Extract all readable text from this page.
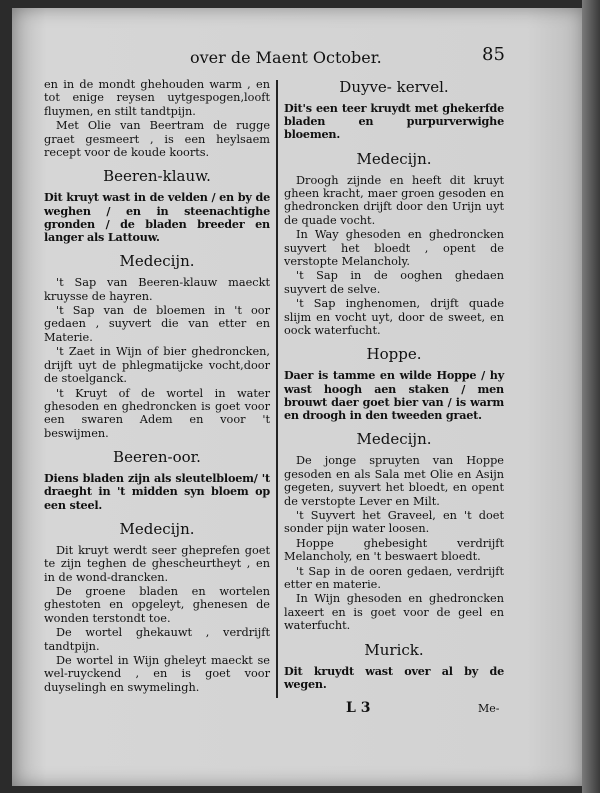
over de Maent October.	85

en in de mondt ghehouden warm , en tot enige reysen uytgespogen,looft fluymen, en stilt tandtpijn.

Met Olie van Beertram de rugge graet gesmeert , is een heylsaem recept voor de koude koorts.

Beeren-klauw.

Dit kruyt wast in de velden / en by de weghen / en in steenachtighe gronden / de bladen breeder en langer als Lattouw.

Medecijn.

't Sap van Beeren-klauw maeckt kruysse de hayren.

't Sap van de bloemen in 't oor gedaen , suyvert die van etter en Materie.

't Zaet in Wijn of bier ghedroncken, drijft uyt de phlegmatijcke vocht,door de stoelganck.

't Kruyt of de wortel in water ghesoden en ghedroncken is goet voor een swaren Adem en voor 't beswijmen.

Beeren-oor.

Diens bladen zijn als sleutelbloem/ 't draeght in 't midden syn bloem op een steel.

Medecijn.

Dit kruyt werdt seer gheprefen goet te zijn teghen de ghescheurtheyt , en in de wond-drancken.

De groene bladen en wortelen ghestoten en opgeleyt, ghenesen de wonden terstondt toe.

De wortel ghekauwt , verdrijft tandtpijn.

De wortel in Wijn gheleyt maeckt se wel-ruyckend , en is goet voor duyselingh en swymelingh.

Duyve- kervel.

Dit's een teer kruydt met ghekerfde bladen en purpurverwighe bloemen.

Medecijn.

Droogh zijnde en heeft dit kruyt gheen kracht, maer groen gesoden en ghedroncken drijft door den Urijn uyt de quade vocht.

In Way ghesoden en ghedroncken suyvert het bloedt , opent de verstopte Melancholy.

't Sap in de ooghen ghedaen suyvert de selve.

't Sap inghenomen, drijft quade slijm en vocht uyt, door de sweet, en oock waterfucht.

Hoppe.

Daer is tamme en wilde Hoppe / hy wast hoogh aen staken / men brouwt daer goet bier van / is warm en droogh in den tweeden graet.

Medecijn.

De jonge spruyten van Hoppe gesoden en als Sala met Olie en Asijn gegeten, suyvert het bloedt, en opent de verstopte Lever en Milt.

't Suyvert het Graveel, en 't doet sonder pijn water loosen.

Hoppe ghebesight verdrijft Melancholy, en 't beswaert bloedt.

't Sap in de ooren gedaen, verdrijft etter en materie.

In Wijn ghesoden en ghedroncken laxeert en is goet voor de geel en waterfucht.

Murick.

Dit kruydt wast over al by de wegen.

L 3	Me-
